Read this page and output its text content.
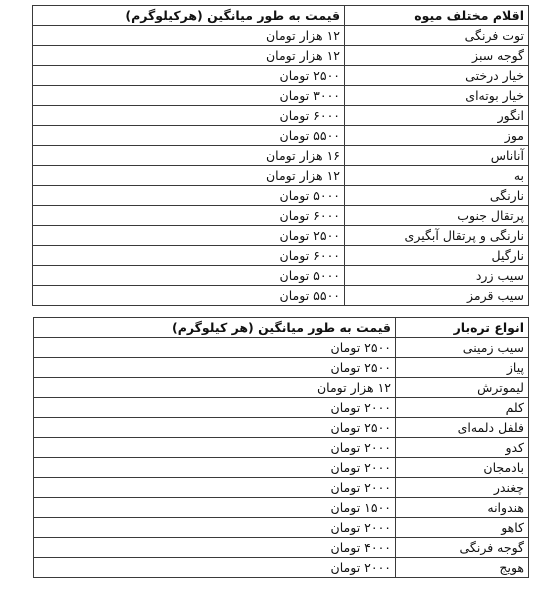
اقلام مختلف میوه	قیمت به طور میانگین (هرکیلوگرم)
توت فرنگی	۱۲ هزار تومان
گوجه سبز	۱۲ هزار تومان
خیار درختی	۲۵۰۰ تومان
خیار بوته‌ای	۳۰۰۰ تومان
انگور	۶۰۰۰ تومان
موز	۵۵۰۰ تومان
آناناس	۱۶ هزار تومان
به	۱۲ هزار تومان
نارنگی	۵۰۰۰ تومان
پرتقال جنوب	۶۰۰۰ تومان
نارنگی و پرتقال آبگیری	۲۵۰۰ تومان
نارگیل	۶۰۰۰ تومان
سیب زرد	۵۰۰۰ تومان
سیب قرمز	۵۵۰۰ تومان
انواع تره‌بار	قیمت به طور میانگین (هر کیلوگرم)
سیب زمینی	۲۵۰۰ تومان
پیاز	۲۵۰۰ تومان
لیموترش	۱۲ هزار تومان
کلم	۲۰۰۰ تومان
فلفل دلمه‌ای	۲۵۰۰ تومان
کدو	۲۰۰۰ تومان
بادمجان	۲۰۰۰ تومان
چغندر	۲۰۰۰ تومان
هندوانه	۱۵۰۰ تومان
کاهو	۲۰۰۰ تومان
گوجه فرنگی	۴۰۰۰ تومان
هویج	۲۰۰۰ تومان
